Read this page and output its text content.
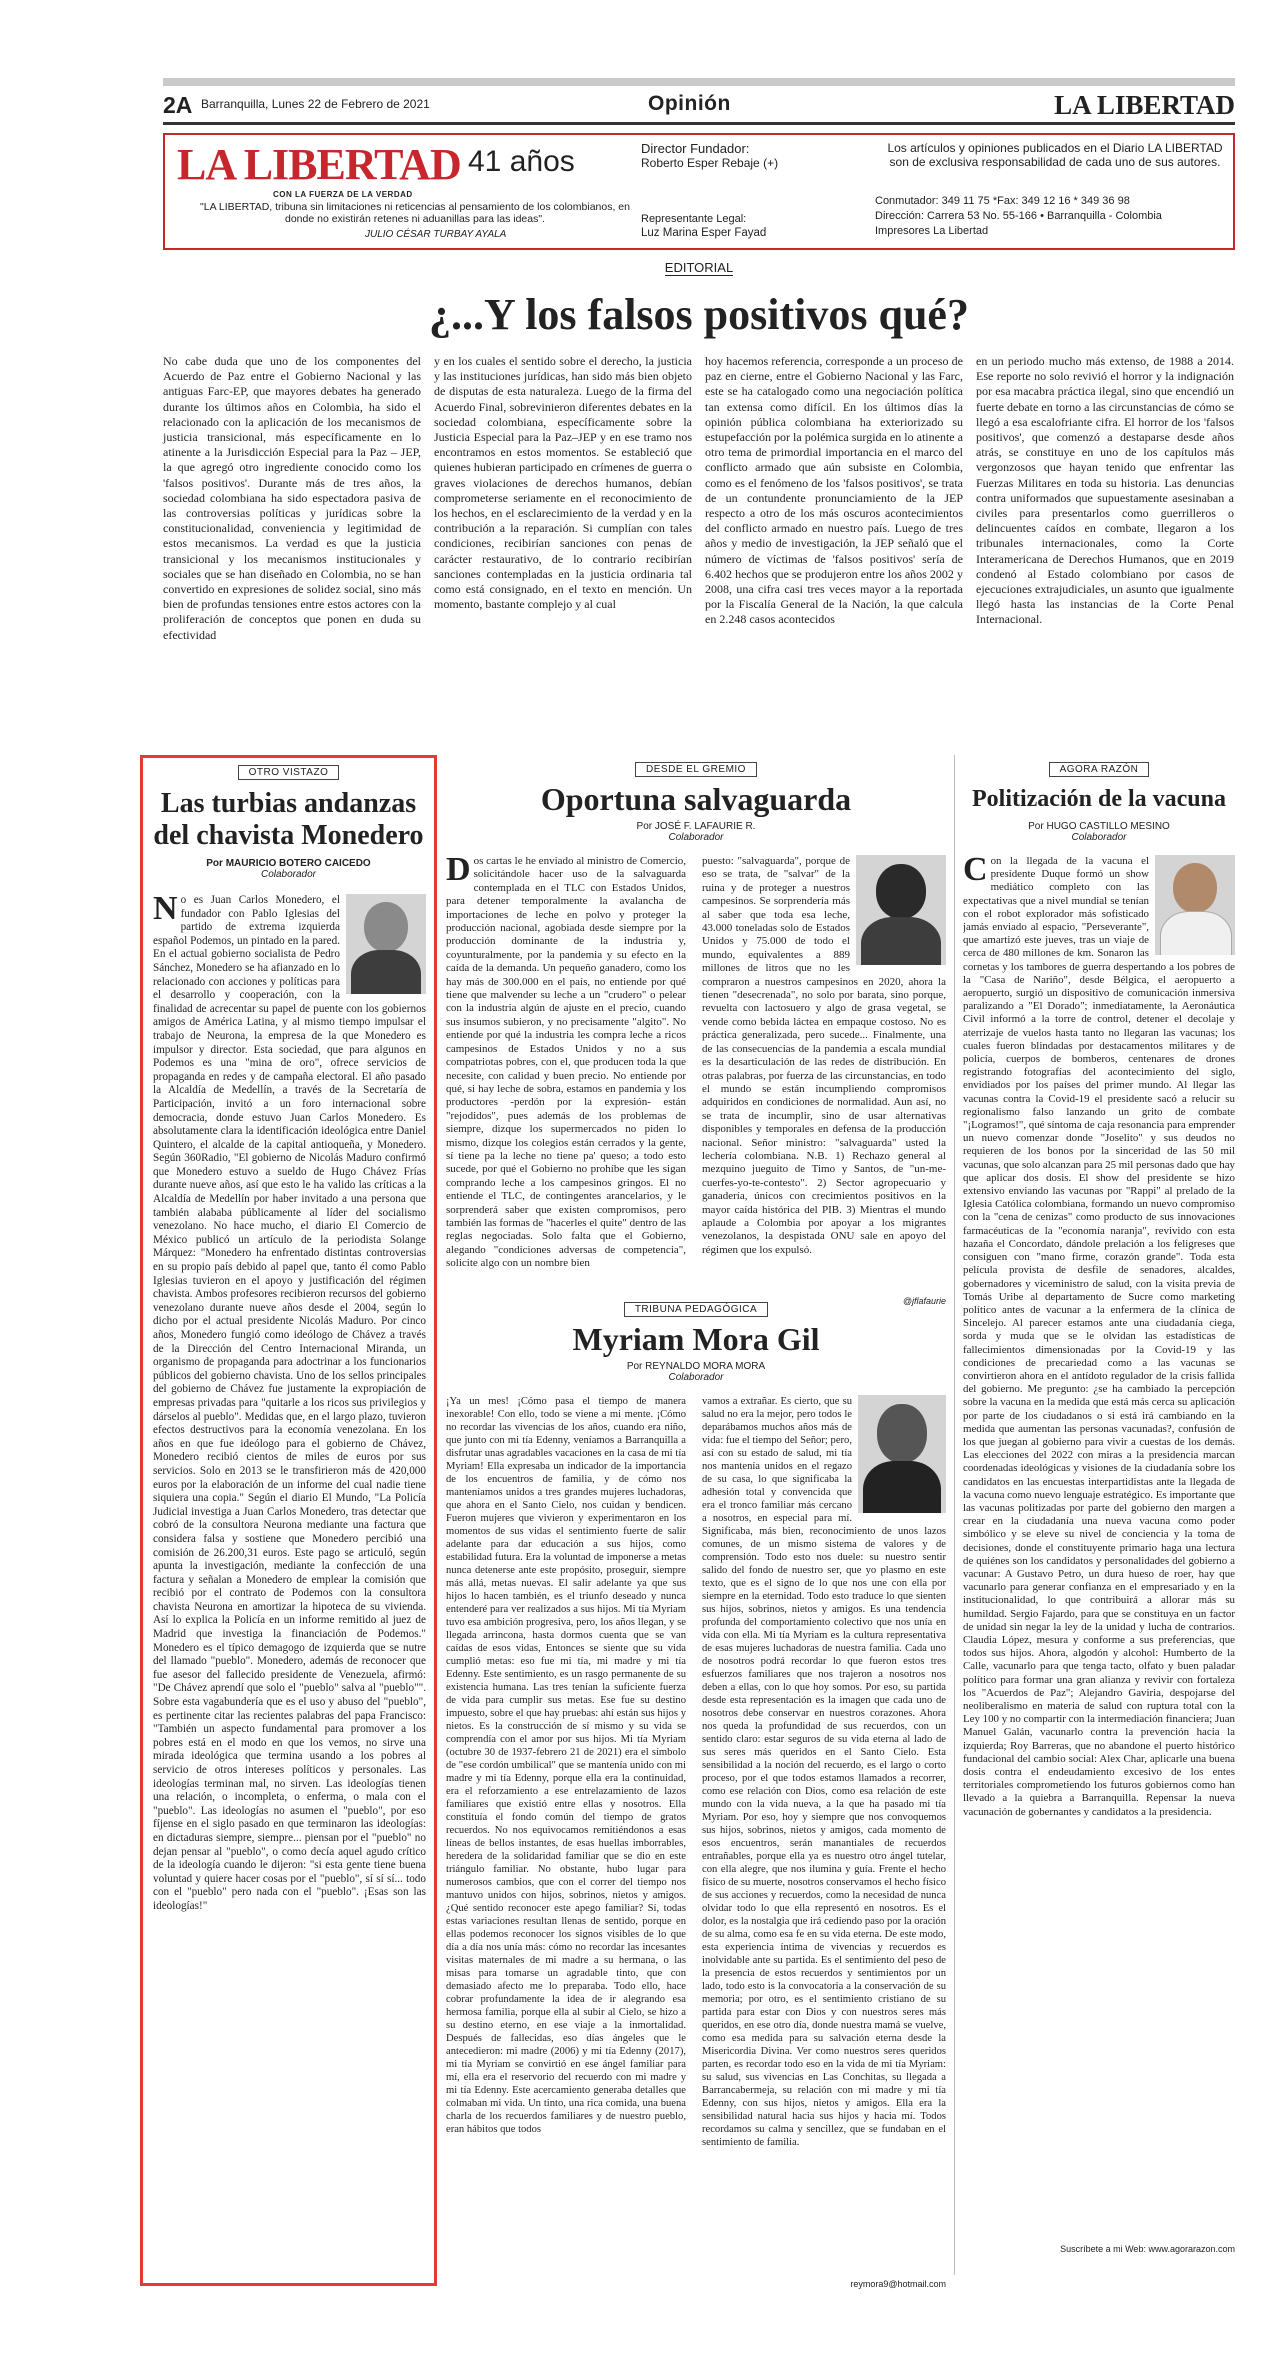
2A Barranquilla, Lunes 22 de Febrero de 2021	Opinión	LA LIBERTAD
LA LIBERTAD 41 años
CON LA FUERZA DE LA VERDAD
"LA LIBERTAD, tribuna sin limitaciones ni reticencias al pensamiento de los colombianos, en donde no existirán retenes ni aduanillas para las ideas".
JULIO CÉSAR TURBAY AYALA
Director Fundador:
Roberto Esper Rebaje (+)
Representante Legal:
Luz Marina Esper Fayad
Los artículos y opiniones publicados en el Diario LA LIBERTAD son de exclusiva responsabilidad de cada uno de sus autores.
Conmutador: 349 11 75 *Fax: 349 12 16 * 349 36 98
Dirección: Carrera 53 No. 55-166 • Barranquilla - Colombia
Impresores La Libertad
EDITORIAL
¿...Y los falsos positivos qué?

No cabe duda que uno de los componentes del Acuerdo de Paz entre el Gobierno Nacional y las antiguas Farc-EP, que mayores debates ha generado durante los últimos años en Colombia, ha sido el relacionado con la aplicación de los mecanismos de justicia transicional, más específicamente en lo atinente a la Jurisdicción Especial para la Paz – JEP, la que agregó otro ingrediente conocido como los 'falsos positivos'. Durante más de tres años, la sociedad colombiana ha sido espectadora pasiva de las controversias políticas y jurídicas sobre la constitucionalidad, conveniencia y legitimidad de estos mecanismos. La verdad es que la justicia transicional y los mecanismos institucionales y sociales que se han diseñado en Colombia, no se han convertido en expresiones de solidez social, sino más bien de profundas tensiones entre estos actores con la proliferación de conceptos que ponen en duda su efectividad

y en los cuales el sentido sobre el derecho, la justicia y las instituciones jurídicas, han sido más bien objeto de disputas de esta naturaleza. Luego de la firma del Acuerdo Final, sobrevinieron diferentes debates en la sociedad colombiana, específicamente sobre la Justicia Especial para la Paz–JEP y en ese tramo nos encontramos en estos momentos. Se estableció que quienes hubieran participado en crímenes de guerra o graves violaciones de derechos humanos, debían comprometerse seriamente en el reconocimiento de los hechos, en el esclarecimiento de la verdad y en la contribución a la reparación. Si cumplían con tales condiciones, recibirían sanciones con penas de carácter restaurativo, de lo contrario recibirían sanciones contempladas en la justicia ordinaria tal como está consignado, en el texto en mención. Un momento, bastante complejo y al cual

hoy hacemos referencia, corresponde a un proceso de paz en cierne, entre el Gobierno Nacional y las Farc, este se ha catalogado como una negociación política tan extensa como difícil. En los últimos días la opinión pública colombiana ha exteriorizado su estupefacción por la polémica surgida en lo atinente a otro tema de primordial importancia en el marco del conflicto armado que aún subsiste en Colombia, como es el fenómeno de los 'falsos positivos', se trata de un contundente pronunciamiento de la JEP respecto a otro de los más oscuros acontecimientos del conflicto armado en nuestro país. Luego de tres años y medio de investigación, la JEP señaló que el número de víctimas de 'falsos positivos' sería de 6.402 hechos que se produjeron entre los años 2002 y 2008, una cifra casi tres veces mayor a la reportada por la Fiscalía General de la Nación, la que calcula en 2.248 casos acontecidos

en un periodo mucho más extenso, de 1988 a 2014. Ese reporte no solo revivió el horror y la indignación por esa macabra práctica ilegal, sino que encendió un fuerte debate en torno a las circunstancias de cómo se llegó a esa escalofriante cifra. El horror de los 'falsos positivos', que comenzó a destaparse desde años atrás, se constituye en uno de los capítulos más vergonzosos que hayan tenido que enfrentar las Fuerzas Militares en toda su historia. Las denuncias contra uniformados que supuestamente asesinaban a civiles para presentarlos como guerrilleros o delincuentes caídos en combate, llegaron a los tribunales internacionales, como la Corte Interamericana de Derechos Humanos, que en 2019 condenó al Estado colombiano por casos de ejecuciones extrajudiciales, un asunto que igualmente llegó hasta las instancias de la Corte Penal Internacional.

OTRO VISTAZO
Las turbias andanzas del chavista Monedero
Por MAURICIO BOTERO CAICEDO
Colaborador
No es Juan Carlos Monedero, el fundador con Pablo Iglesias del partido de extrema izquierda español Podemos, un pintado en la pared. En el actual gobierno socialista de Pedro Sánchez, Monedero se ha afianzado en lo relacionado con acciones y políticas para el desarrollo y cooperación, con la finalidad de acrecentar su papel de puente con los gobiernos amigos de América Latina, y al mismo tiempo impulsar el trabajo de Neurona, la empresa de la que Monedero es impulsor y director. Esta sociedad, que para algunos en Podemos es una "mina de oro", ofrece servicios de propaganda en redes y de campaña electoral. El año pasado la Alcaldía de Medellín, a través de la Secretaría de Participación, invitó a un foro internacional sobre democracia, donde estuvo Juan Carlos Monedero. Es absolutamente clara la identificación ideológica entre Daniel Quintero, el alcalde de la capital antioqueña, y Monedero. Según 360Radio, "El gobierno de Nicolás Maduro confirmó que Monedero estuvo a sueldo de Hugo Chávez Frías durante nueve años, así que esto le ha valido las críticas a la Alcaldía de Medellín por haber invitado a una persona que también alababa públicamente al líder del socialismo venezolano. No hace mucho, el diario El Comercio de México publicó un artículo de la periodista Solange Márquez: "Monedero ha enfrentado distintas controversias en su propio país debido al papel que, tanto él como Pablo Iglesias tuvieron en el apoyo y justificación del régimen chavista. Ambos profesores recibieron recursos del gobierno venezolano durante nueve años desde el 2004, según lo dicho por el actual presidente Nicolás Maduro. Por cinco años, Monedero fungió como ideólogo de Chávez a través de la Dirección del Centro Internacional Miranda, un organismo de propaganda para adoctrinar a los funcionarios públicos del gobierno chavista. Uno de los sellos principales del gobierno de Chávez fue justamente la expropiación de empresas privadas para "quitarle a los ricos sus privilegios y dárselos al pueblo". Medidas que, en el largo plazo, tuvieron efectos destructivos para la economía venezolana. En los años en que fue ideólogo para el gobierno de Chávez, Monedero recibió cientos de miles de euros por sus servicios. Solo en 2013 se le transfirieron más de 420,000 euros por la elaboración de un informe del cual nadie tiene siquiera una copia." Según el diario El Mundo, "La Policía Judicial investiga a Juan Carlos Monedero, tras detectar que cobró de la consultora Neurona mediante una factura que considera falsa y sostiene que Monedero percibió una comisión de 26.200,31 euros. Este pago se articuló, según apunta la investigación, mediante la confección de una factura y señalan a Monedero de emplear la comisión que recibió por el contrato de Podemos con la consultora chavista Neurona en amortizar la hipoteca de su vivienda. Así lo explica la Policía en un informe remitido al juez de Madrid que investiga la financiación de Podemos." Monedero es el típico demagogo de izquierda que se nutre del llamado "pueblo". Monedero, además de reconocer que fue asesor del fallecido presidente de Venezuela, afirmó: "De Chávez aprendí que solo el "pueblo" salva al "pueblo"". Sobre esta vagabundería que es el uso y abuso del "pueblo", es pertinente citar las recientes palabras del papa Francisco: "También un aspecto fundamental para promover a los pobres está en el modo en que los vemos, no sirve una mirada ideológica que termina usando a los pobres al servicio de otros intereses políticos y personales. Las ideologías terminan mal, no sirven. Las ideologías tienen una relación, o incompleta, o enferma, o mala con el "pueblo". Las ideologías no asumen el "pueblo", por eso fíjense en el siglo pasado en que terminaron las ideologías: en dictaduras siempre, siempre... piensan por el "pueblo" no dejan pensar al "pueblo", o como decía aquel agudo crítico de la ideología cuando le dijeron: "si esta gente tiene buena voluntad y quiere hacer cosas por el "pueblo", sí sí sí... todo con el "pueblo" pero nada con el "pueblo". ¡Esas son las ideologías!"
DESDE EL GREMIO
Oportuna salvaguarda
Por JOSÉ F. LAFAURIE R.
Colaborador
Dos cartas le he enviado al ministro de Comercio, solicitándole hacer uso de la salvaguarda contemplada en el TLC con Estados Unidos, para detener temporalmente la avalancha de importaciones de leche en polvo y proteger la producción nacional, agobiada desde siempre por la producción dominante de la industria y, coyunturalmente, por la pandemia y su efecto en la caída de la demanda. Un pequeño ganadero, como los hay más de 300.000 en el país, no entiende por qué tiene que malvender su leche a un "crudero" o pelear con la industria algún de ajuste en el precio, cuando sus insumos subieron, y no precisamente "algito". No entiende por qué la industria les compra leche a ricos campesinos de Estados Unidos y no a sus compatriotas pobres, con el, que producen toda la que necesite, con calidad y buen precio. No entiende por qué, si hay leche de sobra, estamos en pandemia y los productores -perdón por la expresión- están "rejodidos", pues además de los problemas de siempre, dizque los supermercados no piden lo mismo, dizque los colegios están cerrados y la gente, sí tiene pa la leche no tiene pa' queso; a todo esto sucede, por qué el Gobierno no prohíbe que les sigan comprando leche a los campesinos gringos. El no entiende el TLC, de contingentes arancelarios, y le sorprenderá saber que existen compromisos, pero también las formas de "hacerles el quite" dentro de las reglas negociadas. Solo falta que el Gobierno, alegando "condiciones adversas de competencia", solicite algo con un nombre bien
puesto: "salvaguarda", porque de eso se trata, de "salvar" de la ruina y de proteger a nuestros campesinos. Se sorprendería más al saber que toda esa leche, 43.000 toneladas solo de Estados Unidos y 75.000 de todo el mundo, equivalentes a 889 millones de litros que no les compraron a nuestros campesinos en 2020, ahora la tienen "desecrenada", no solo por barata, sino porque, revuelta con lactosuero y algo de grasa vegetal, se vende como bebida láctea en empaque costoso. No es práctica generalizada, pero sucede... Finalmente, una de las consecuencias de la pandemia a escala mundial es la desarticulación de las redes de distribución. En otras palabras, por fuerza de las circunstancias, en todo el mundo se están incumpliendo compromisos adquiridos en condiciones de normalidad. Aun así, no se trata de incumplir, sino de usar alternativas disponibles y temporales en defensa de la producción nacional. Señor ministro: "salvaguarda" usted la lechería colombiana. N.B. 1) Rechazo general al mezquino jueguito de Timo y Santos, de "un-me-cuerfes-yo-te-contesto". 2) Sector agropecuario y ganadería, únicos con crecimientos positivos en la mayor caída histórica del PIB. 3) Mientras el mundo aplaude a Colombia por apoyar a los migrantes venezolanos, la despistada ONU sale en apoyo del régimen que los expulsó.
@jflafaurie
TRIBUNA PEDAGÓGICA
Myriam Mora Gil
Por REYNALDO MORA MORA
Colaborador
¡Ya un mes! ¡Cómo pasa el tiempo de manera inexorable! Con ello, todo se viene a mi mente. ¡Cómo no recordar las vivencias de los años, cuando era niño, que junto con mi tía Edenny, veníamos a Barranquilla a disfrutar unas agradables vacaciones en la casa de mi tía Myriam! Ella expresaba un indicador de la importancia de los encuentros de familia, y de cómo nos manteníamos unidos a tres grandes mujeres luchadoras, que ahora en el Santo Cielo, nos cuidan y bendicen. Fueron mujeres que vivieron y experimentaron en los momentos de sus vidas el sentimiento fuerte de salir adelante para dar educación a sus hijos, como estabilidad futura. Era la voluntad de imponerse a metas nunca detenerse ante este propósito, proseguir, siempre más allá, metas nuevas. El salir adelante ya que sus hijos lo hacen también, es el triunfo deseado y nunca entenderé para ver realizados a sus hijos. Mi tía Myriam tuvo esa ambición progresiva, pero, los años llegan, y se llegada arrincona, hasta dormos cuenta que se van caídas de esos vidas, Entonces se siente que su vida cumplió metas: eso fue mi tía, mi madre y mi tía Edenny. Este sentimiento, es un rasgo permanente de su existencia humana. Las tres tenían la suficiente fuerza de vida para cumplir sus metas. Ese fue su destino impuesto, sobre el que hay pruebas: ahí están sus hijos y nietos. Es la construcción de sí mismo y su vida se comprendía con el amor por sus hijos. Mi tía Myriam (octubre 30 de 1937-febrero 21 de 2021) era el símbolo de "ese cordón umbilical" que se mantenía unido con mi madre y mi tía Edenny, porque ella era la continuidad, era el reforzamiento a ese entrelazamiento de lazos familiares que existió entre ellas y nosotros. Ella constituía el fondo común del tiempo de gratos recuerdos. No nos equivocamos remitiéndonos a esas líneas de bellos instantes, de esas huellas imborrables, heredera de la solidaridad familiar que se dio en este triángulo familiar. No obstante, hubo lugar para numerosos cambios, que con el correr del tiempo nos mantuvo unidos con hijos, sobrinos, nietos y amigos. ¿Qué sentido reconocer este apego familiar? Sí, todas estas variaciones resultan llenas de sentido, porque en ellas podemos reconocer los signos visibles de lo que día a día nos unía más: cómo no recordar las incesantes visitas maternales de mi madre a su hermana, o las misas para tomarse un agradable tinto, que con demasiado afecto me lo preparaba. Todo ello, hace cobrar profundamente la idea de ir alegrando esa hermosa familia, porque ella al subir al Cielo, se hizo a su destino eterno, en ese viaje a la inmortalidad. Después de fallecidas, eso días ángeles que le antecedieron: mi madre (2006) y mi tía Edenny (2017), mi tía Myriam se convirtió en ese ángel familiar para mí, ella era el reservorio del recuerdo con mi madre y mi tía Edenny. Este acercamiento generaba detalles que colmaban mi vida. Un tinto, una rica comida, una buena charla de los recuerdos familiares y de nuestro pueblo, eran hábitos que todos
vamos a extrañar. Es cierto, que su salud no era la mejor, pero todos le deparábamos muchos años más de vida: fue el tiempo del Señor; pero, así con su estado de salud, mi tía nos mantenía unidos en el regazo de su casa, lo que significaba la adhesión total y convencida que era el tronco familiar más cercano a nosotros, en especial para mí. Significaba, más bien, reconocimiento de unos lazos comunes, de un mismo sistema de valores y de comprensión. Todo esto nos duele: su nuestro sentir salido del fondo de nuestro ser, que yo plasmo en este texto, que es el signo de lo que nos une con ella por siempre en la eternidad. Todo esto traduce lo que sienten sus hijos, sobrinos, nietos y amigos. Es una tendencia profunda del comportamiento colectivo que nos unía en vida con ella. Mi tía Myriam es la cultura representativa de esas mujeres luchadoras de nuestra familia. Cada uno de nosotros podrá recordar lo que fueron estos tres esfuerzos familiares que nos trajeron a nosotros nos deben a ellas, con lo que hoy somos. Por eso, su partida desde esta representación es la imagen que cada uno de nosotros debe conservar en nuestros corazones. Ahora nos queda la profundidad de sus recuerdos, con un sentido claro: estar seguros de su vida eterna al lado de sus seres más queridos en el Santo Cielo. Esta sensibilidad a la noción del recuerdo, es el largo o corto proceso, por el que todos estamos llamados a recorrer, como ese relación con Dios, como esa relación de este mundo con la vida nueva, a la que ha pasado mi tía Myriam. Por eso, hoy y siempre que nos convoquemos sus hijos, sobrinos, nietos y amigos, cada momento de esos encuentros, serán manantiales de recuerdos entrañables, porque ella ya es nuestro otro ángel tutelar, con ella alegre, que nos ilumina y guía. Frente el hecho físico de su muerte, nosotros conservamos el hecho físico de sus acciones y recuerdos, como la necesidad de nunca olvidar todo lo que ella representó en nosotros. Es el dolor, es la nostalgia que irá cediendo paso por la oración de su alma, como esa fe en su vida eterna. De este modo, esta experiencia íntima de vivencias y recuerdos es inolvidable ante su partida. Es el sentimiento del peso de la presencia de estos recuerdos y sentimientos por un lado, todo esto is la convocatoria a la conservación de su memoria; por otro, es el sentimiento cristiano de su partida para estar con Dios y con nuestros seres más queridos, en ese otro día, donde nuestra mamá se vuelve, como esa medida para su salvación eterna desde la Misericordia Divina. Ver como nuestros seres queridos parten, es recordar todo eso en la vida de mi tía Myriam: su salud, sus vivencias en Las Conchitas, su llegada a Barrancabermeja, su relación con mi madre y mi tía Edenny, con sus hijos, nietos y amigos. Ella era la sensibilidad natural hacia sus hijos y hacia mí. Todos recordamos su calma y sencillez, que se fundaban en el sentimiento de familia.
reymora9@hotmail.com
AGORA RAZÓN
Politización de la vacuna
Por HUGO CASTILLO MESINO
Colaborador
Con la llegada de la vacuna el presidente Duque formó un show mediático completo con las expectativas que a nivel mundial se tenían con el robot explorador más sofisticado jamás enviado al espacio, "Perseverante", que amartizó este jueves, tras un viaje de cerca de 480 millones de km. Sonaron las cornetas y los tambores de guerra despertando a los pobres de la "Casa de Nariño", desde Bélgica, el aeropuerto a aeropuerto, surgió un dispositivo de comunicación inmersiva paralizando a "El Dorado"; inmediatamente, la Aeronáutica Civil informó a la torre de control, detener el decolaje y aterrizaje de vuelos hasta tanto no llegaran las vacunas; los cuales fueron blindadas por destacamentos militares y de policía, cuerpos de bomberos, centenares de drones registrando fotografías del acontecimiento del siglo, envidiados por los países del primer mundo. Al llegar las vacunas contra la Covid-19 el presidente sacó a relucir su regionalismo falso lanzando un grito de combate "¡Logramos!", qué síntoma de caja resonancia para emprender un nuevo comenzar donde "Joselito" y sus deudos no requieren de los bonos por la sinceridad de las 50 mil vacunas, que solo alcanzan para 25 mil personas dado que hay que aplicar dos dosis. El show del presidente se hizo extensivo enviando las vacunas por "Rappi" al prelado de la Iglesia Católica colombiana, formando un nuevo compromiso con la "cena de cenizas" como producto de sus innovaciones farmacéuticas de la "economía naranja", revivido con esta hazaña el Concordato, dándole prelación a los feligreses que consiguen con "mano firme, corazón grande". Toda esta película provista de desfile de senadores, alcaldes, gobernadores y viceministro de salud, con la visita previa de Tomás Uribe al departamento de Sucre como marketing político antes de vacunar a la enfermera de la clínica de Sincelejo. Al parecer estamos ante una ciudadanía ciega, sorda y muda que se le olvidan las estadísticas de fallecimientos dimensionadas por la Covid-19 y las condiciones de precariedad como a las vacunas se convirtieron ahora en el antídoto regulador de la crisis fallida del gobierno. Me pregunto: ¿se ha cambiado la percepción sobre la vacuna en la medida que está más cerca su aplicación por parte de los ciudadanos o si está irá cambiando en la medida que aumentan las personas vacunadas?, confusión de los que juegan al gobierno para vivir a cuestas de los demás. Las elecciones del 2022 con miras a la presidencia marcan coordenadas ideológicas y visiones de la ciudadanía sobre los candidatos en las encuestas interpartidistas ante la llegada de la vacuna como nuevo lenguaje estratégico. Es importante que las vacunas politizadas por parte del gobierno den margen a crear en la ciudadanía una nueva vacuna como poder simbólico y se eleve su nivel de conciencia y la toma de decisiones, donde el constituyente primario haga una lectura de quiénes son los candidatos y personalidades del gobierno a vacunar: A Gustavo Petro, un dura hueso de roer, hay que vacunarlo para generar confianza en el empresariado y en la institucionalidad, lo que contribuirá a allorar más su humildad. Sergio Fajardo, para que se constituya en un factor de unidad sin negar la ley de la unidad y lucha de contrarios. Claudia López, mesura y conforme a sus preferencias, que todos sus hijos. Ahora, algodón y alcohol: Humberto de la Calle, vacunarlo para que tenga tacto, olfato y buen paladar político para formar una gran alianza y revivir con fortaleza los "Acuerdos de Paz"; Alejandro Gaviria, despojarse del neoliberalismo en materia de salud con ruptura total con la Ley 100 y no compartir con la intermediación financiera; Juan Manuel Galán, vacunarlo contra la prevención hacia la izquierda; Roy Barreras, que no abandone el puerto histórico fundacional del cambio social: Alex Char, aplicarle una buena dosis contra el endeudamiento excesivo de los entes territoriales comprometiendo los futuros gobiernos como han llevado a la quiebra a Barranquilla. Repensar la nueva vacunación de gobernantes y candidatos a la presidencia.
Suscríbete a mi Web: www.agorarazon.com
